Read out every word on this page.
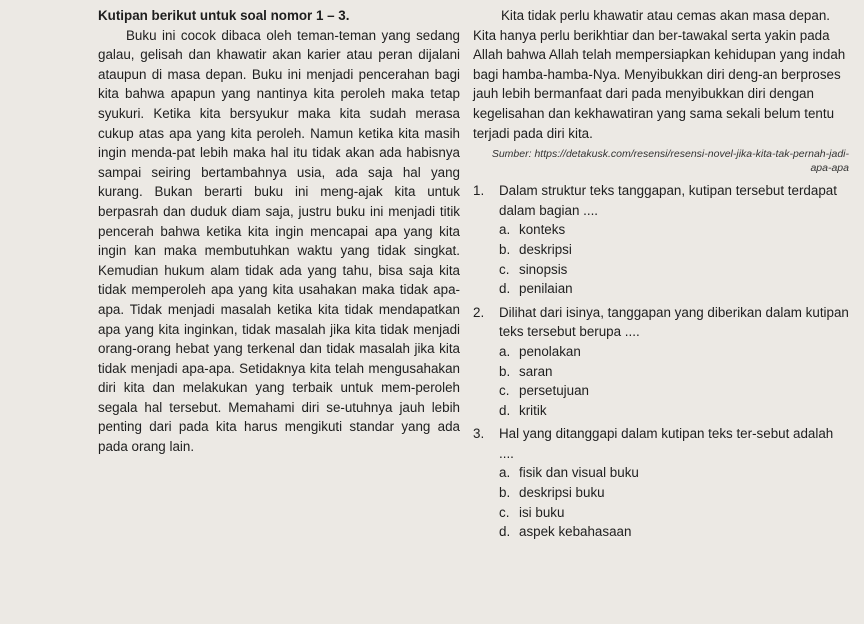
Kutipan berikut untuk soal nomor 1 – 3.

Buku ini cocok dibaca oleh teman-teman yang sedang galau, gelisah dan khawatir akan karier atau peran dijalani ataupun di masa depan. Buku ini menjadi pencerahan bagi kita bahwa apapun yang nantinya kita peroleh maka tetap syukuri. Ketika kita bersyukur maka kita sudah merasa cukup atas apa yang kita peroleh. Namun ketika kita masih ingin menda-pat lebih maka hal itu tidak akan ada habisnya sampai seiring bertambahnya usia, ada saja hal yang kurang. Bukan berarti buku ini meng-ajak kita untuk berpasrah dan duduk diam saja, justru buku ini menjadi titik pencerah bahwa ketika kita ingin mencapai apa yang kita ingin kan maka membutuhkan waktu yang tidak singkat. Kemudian hukum alam tidak ada yang tahu, bisa saja kita tidak memperoleh apa yang kita usahakan maka tidak apa-apa. Tidak menjadi masalah ketika kita tidak mendapatkan apa yang kita inginkan, tidak masalah jika kita tidak menjadi orang-orang hebat yang terkenal dan tidak masalah jika kita tidak menjadi apa-apa. Setidaknya kita telah mengusahakan diri kita dan melakukan yang terbaik untuk mem-peroleh segala hal tersebut. Memahami diri se-utuhnya jauh lebih penting dari pada kita harus mengikuti standar yang ada pada orang lain.

Kita tidak perlu khawatir atau cemas akan masa depan. Kita hanya perlu berikhtiar dan ber-tawakal serta yakin pada Allah bahwa Allah telah mempersiapkan kehidupan yang indah bagi hamba-hamba-Nya. Menyibukkan diri deng-an berproses jauh lebih bermanfaat dari pada menyibukkan diri dengan kegelisahan dan kekhawatiran yang sama sekali belum tentu terjadi pada diri kita.

Sumber: https://detakusk.com/resensi/resensi-novel-jika-kita-tak-pernah-jadi-apa-apa

1.	Dalam struktur teks tanggapan, kutipan tersebut terdapat dalam bagian ....
a. konteks
b. deskripsi
c. sinopsis
d. penilaian
2.	Dilihat dari isinya, tanggapan yang diberikan dalam kutipan teks tersebut berupa ....
a. penolakan
b. saran
c. persetujuan
d. kritik
3.	Hal yang ditanggapi dalam kutipan teks ter-sebut adalah ....
a. fisik dan visual buku
b. deskripsi buku
c. isi buku
d. aspek kebahasaan
